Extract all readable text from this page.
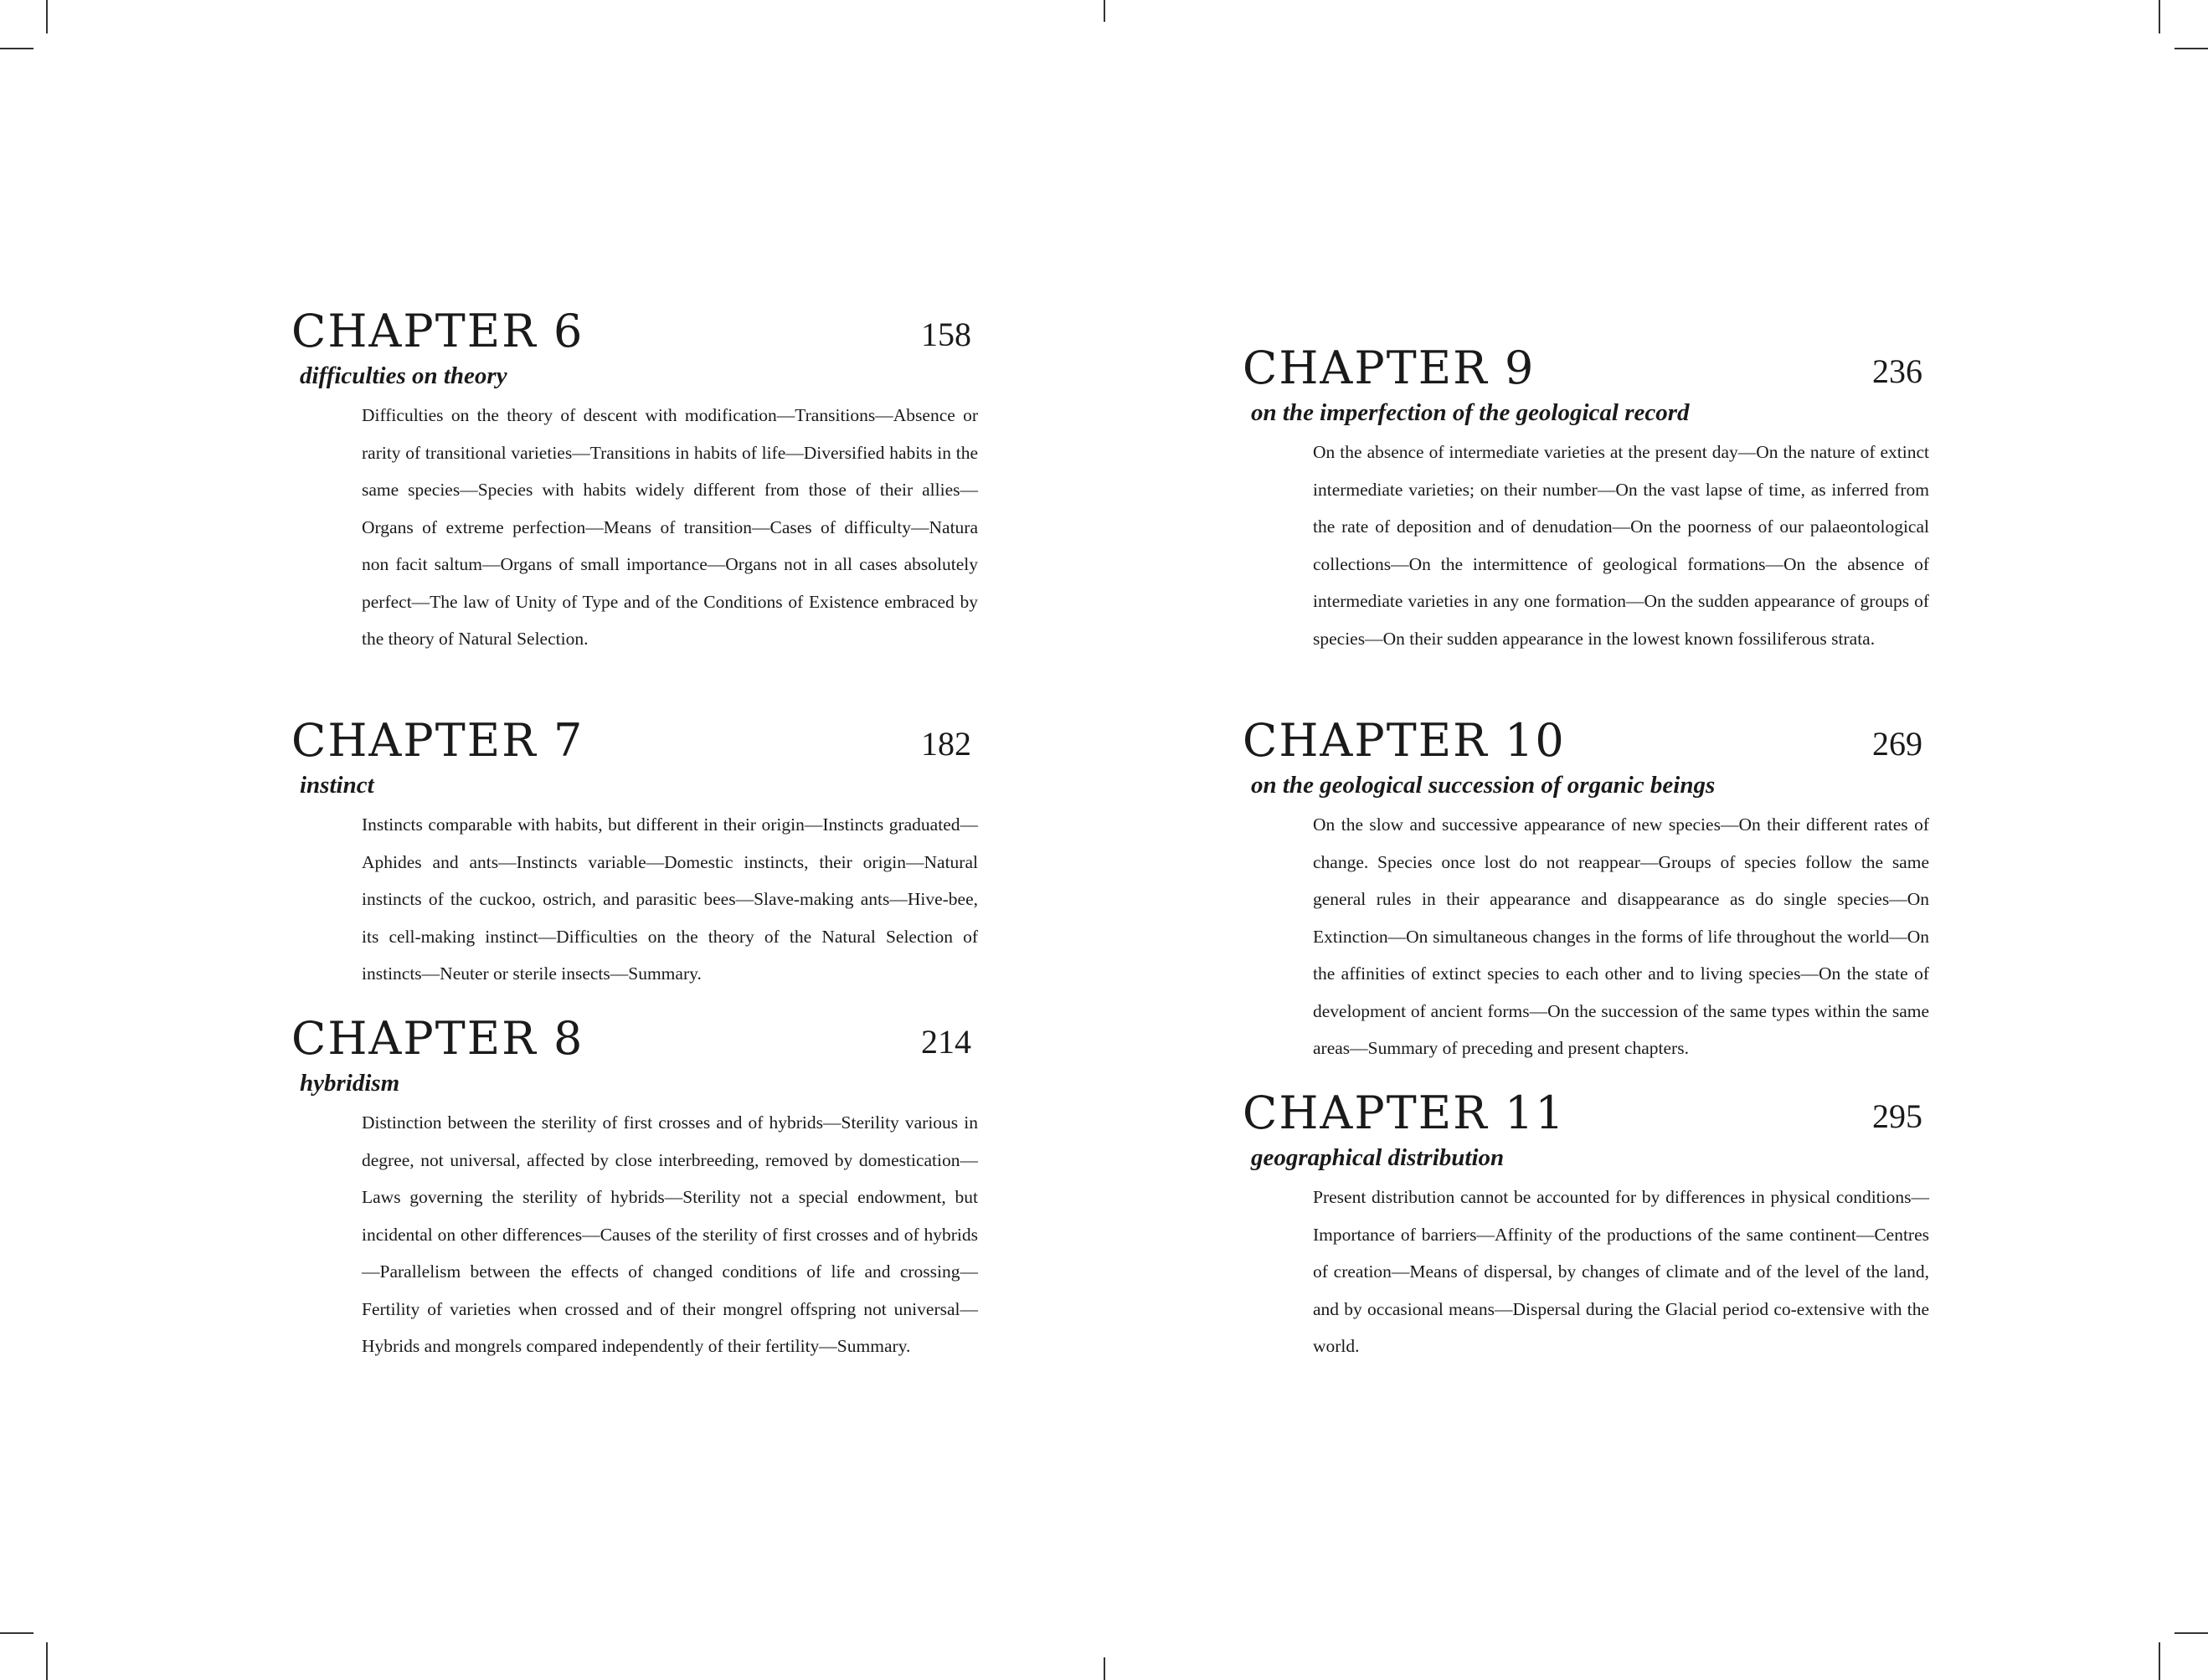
CHAPTER 6	158

difficulties on theory

Difficulties on the theory of descent with modification—Transitions—Absence or rarity of transitional varieties—Transitions in habits of life—Diversified habits in the same species—Species with habits widely different from those of their allies—Organs of extreme perfection—Means of transition—Cases of difficulty—Natura non facit saltum—Organs of small importance—Organs not in all cases absolutely perfect—The law of Unity of Type and of the Conditions of Existence embraced by the theory of Natural Selection.

CHAPTER 7	182

instinct

Instincts comparable with habits, but different in their origin—Instincts graduated—Aphides and ants—Instincts variable—Domestic instincts, their origin—Natural instincts of the cuckoo, ostrich, and parasitic bees—Slave-making ants—Hive-bee, its cell-making instinct—Difficulties on the theory of the Natural Selection of instincts—Neuter or sterile insects—Summary.

CHAPTER 8	214

hybridism

Distinction between the sterility of first crosses and of hybrids—Sterility various in degree, not universal, affected by close interbreeding, removed by domestication—Laws governing the sterility of hybrids—Sterility not a special endowment, but incidental on other differences—Causes of the sterility of first crosses and of hybrids—Parallelism between the effects of changed conditions of life and crossing—Fertility of varieties when crossed and of their mongrel offspring not universal—Hybrids and mongrels compared independently of their fertility—Summary.

CHAPTER 9	236

on the imperfection of the geological record

On the absence of intermediate varieties at the present day—On the nature of extinct intermediate varieties; on their number—On the vast lapse of time, as inferred from the rate of deposition and of denudation—On the poorness of our palaeontological collections—On the intermittence of geological formations—On the absence of intermediate varieties in any one formation—On the sudden appearance of groups of species—On their sudden appearance in the lowest known fossiliferous strata.

CHAPTER 10	269

on the geological succession of organic beings

On the slow and successive appearance of new species—On their different rates of change. Species once lost do not reappear—Groups of species follow the same general rules in their appearance and disappearance as do single species—On Extinction—On simultaneous changes in the forms of life throughout the world—On the affinities of extinct species to each other and to living species—On the state of development of ancient forms—On the succession of the same types within the same areas—Summary of preceding and present chapters.

CHAPTER 11	295

geographical distribution

Present distribution cannot be accounted for by differences in physical conditions—Importance of barriers—Affinity of the productions of the same continent—Centres of creation—Means of dispersal, by changes of climate and of the level of the land, and by occasional means—Dispersal during the Glacial period co-extensive with the world.
